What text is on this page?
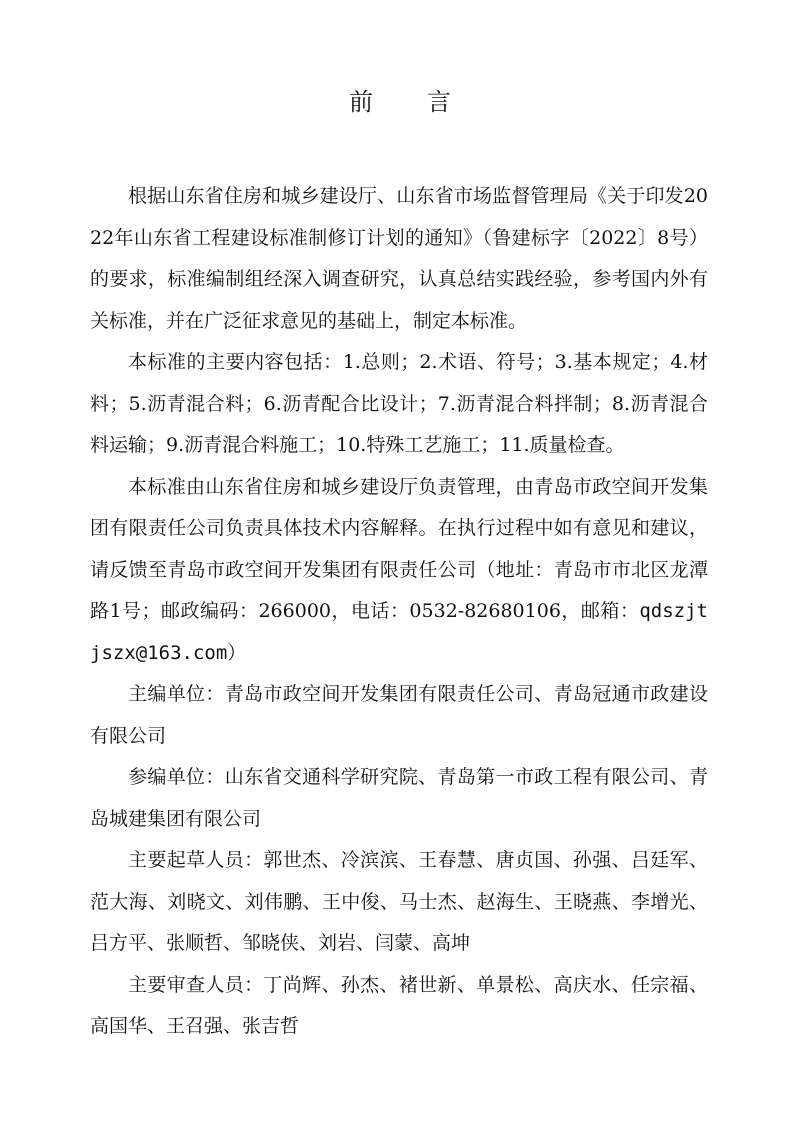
前 言

根据山东省住房和城乡建设厅、山东省市场监督管理局《关于印发2022年山东省工程建设标准制修订计划的通知》（鲁建标字〔2022〕8号）的要求，标准编制组经深入调查研究，认真总结实践经验，参考国内外有关标准，并在广泛征求意见的基础上，制定本标准。

本标准的主要内容包括：1.总则；2.术语、符号；3.基本规定；4.材料；5.沥青混合料；6.沥青配合比设计；7.沥青混合料拌制；8.沥青混合料运输；9.沥青混合料施工；10.特殊工艺施工；11.质量检查。

本标准由山东省住房和城乡建设厅负责管理，由青岛市政空间开发集团有限责任公司负责具体技术内容解释。在执行过程中如有意见和建议，请反馈至青岛市政空间开发集团有限责任公司（地址：青岛市市北区龙潭路1号；邮政编码：266000，电话：0532-82680106，邮箱：qdszjtjszx@163.com）

主编单位：青岛市政空间开发集团有限责任公司、青岛冠通市政建设有限公司

参编单位：山东省交通科学研究院、青岛第一市政工程有限公司、青岛城建集团有限公司

主要起草人员：郭世杰、冷滨滨、王春慧、唐贞国、孙强、吕廷军、范大海、刘晓文、刘伟鹏、王中俊、马士杰、赵海生、王晓燕、李增光、吕方平、张顺哲、邹晓侠、刘岩、闫蒙、高坤

主要审查人员：丁尚辉、孙杰、褚世新、单景松、高庆水、任宗福、高国华、王召强、张吉哲
